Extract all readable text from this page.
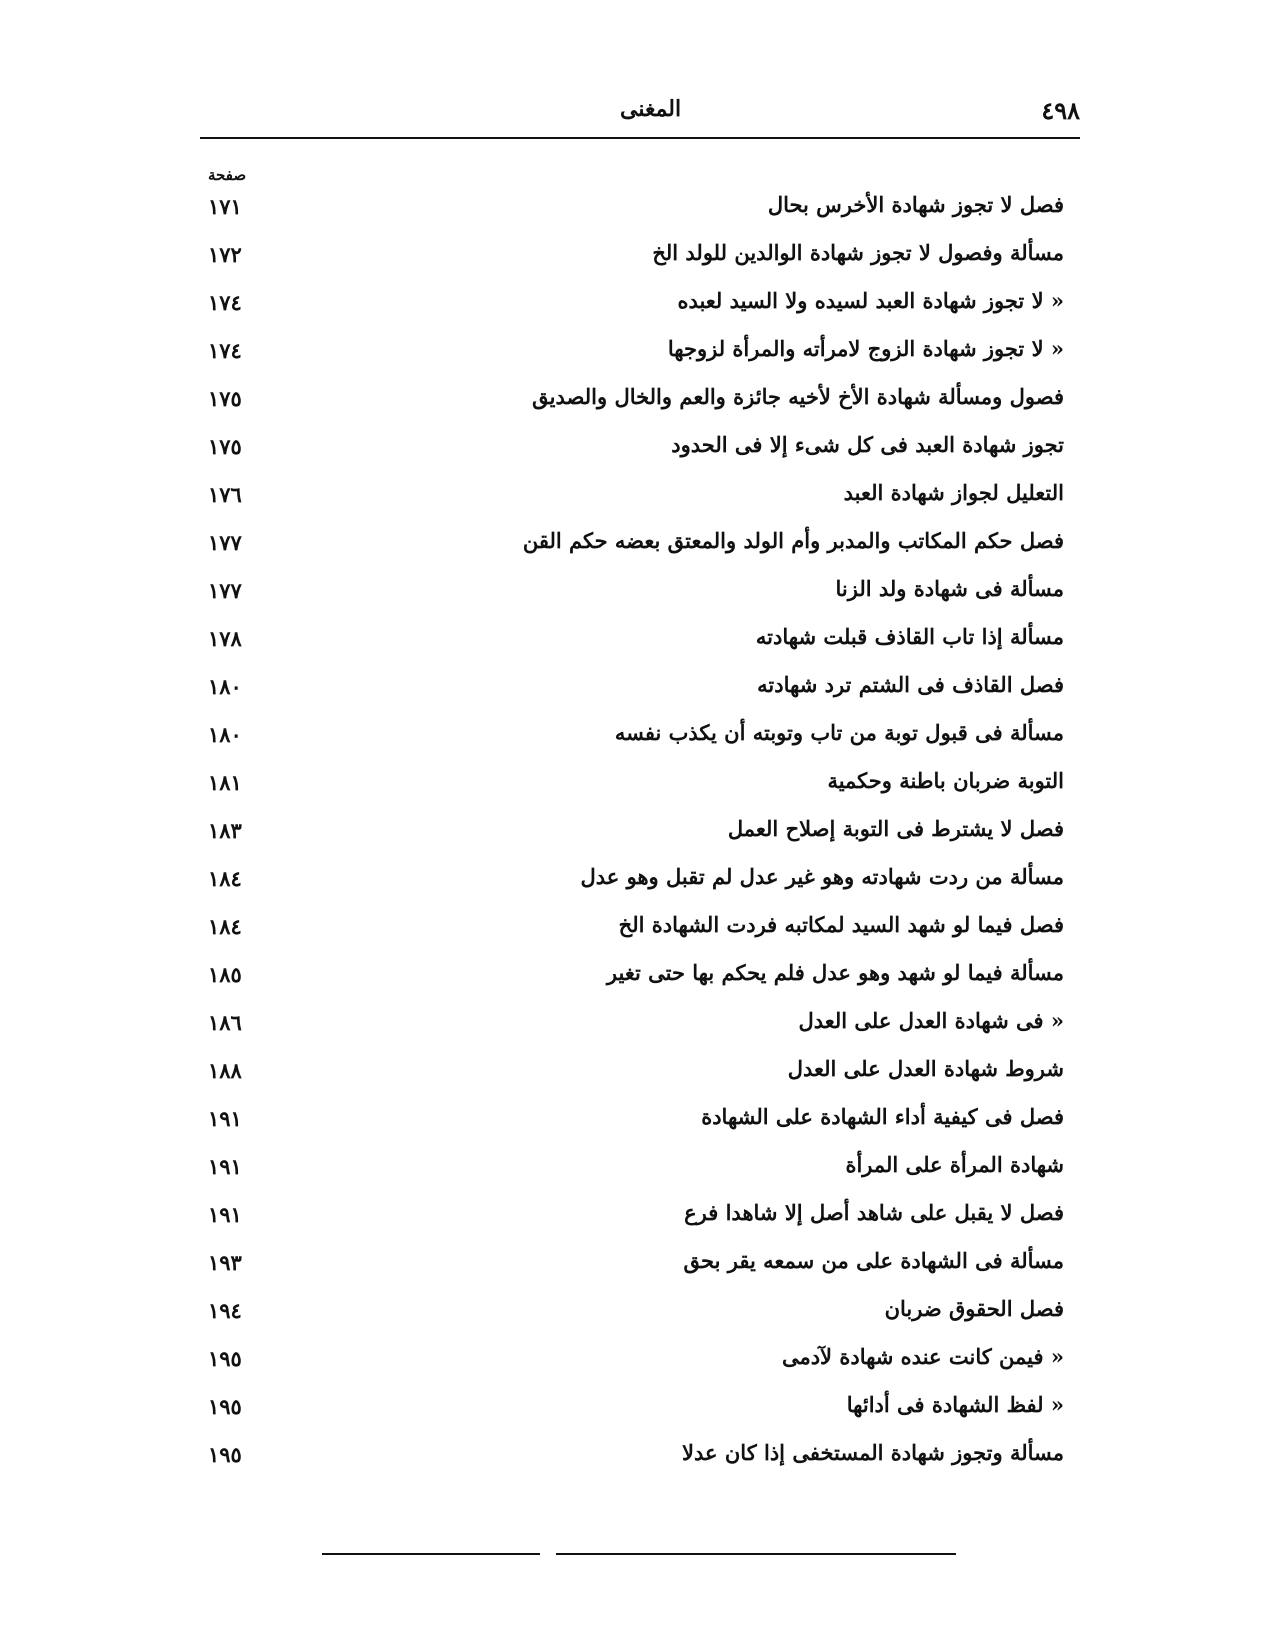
المغنى	٤٩٨
صفحة
فصل لا تجوز شهادة الأخرس بحال
١٧١
مسألة وفصول لا تجوز شهادة الوالدين للولد الخ
١٧٢
« لا تجوز شهادة العبد لسيده ولا السيد لعبده
١٧٤
« لا تجوز شهادة الزوج لامرأته والمرأة لزوجها
١٧٤
فصول ومسألة شهادة الأخ لأخيه جائزة والعم والخال والصديق
١٧٥
تجوز شهادة العبد فى كل شىء إلا فى الحدود
١٧٥
التعليل لجواز شهادة العبد
١٧٦
فصل حكم المكاتب والمدبر وأم الولد والمعتق بعضه حكم القن
١٧٧
مسألة فى شهادة ولد الزنا
١٧٧
مسألة إذا تاب القاذف قبلت شهادته
١٧٨
فصل القاذف فى الشتم ترد شهادته
١٨٠
مسألة فى قبول توبة من تاب وتوبته أن يكذب نفسه
١٨٠
التوبة ضربان باطنة وحكمية
١٨١
فصل لا يشترط فى التوبة إصلاح العمل
١٨٣
مسألة من ردت شهادته وهو غير عدل لم تقبل وهو عدل
١٨٤
فصل فيما لو شهد السيد لمكاتبه فردت الشهادة الخ
١٨٤
مسألة فيما لو شهد وهو عدل فلم يحكم بها حتى تغير
١٨٥
« فى شهادة العدل على العدل
١٨٦
شروط شهادة العدل على العدل
١٨٨
فصل فى كيفية أداء الشهادة على الشهادة
١٩١
شهادة المرأة على المرأة
١٩١
فصل لا يقبل على شاهد أصل إلا شاهدا فرع
١٩١
مسألة فى الشهادة على من سمعه يقر بحق
١٩٣
فصل الحقوق ضربان
١٩٤
« فيمن كانت عنده شهادة لآدمى
١٩٥
« لفظ الشهادة فى أدائها
١٩٥
مسألة وتجوز شهادة المستخفى إذا كان عدلا
١٩٥
